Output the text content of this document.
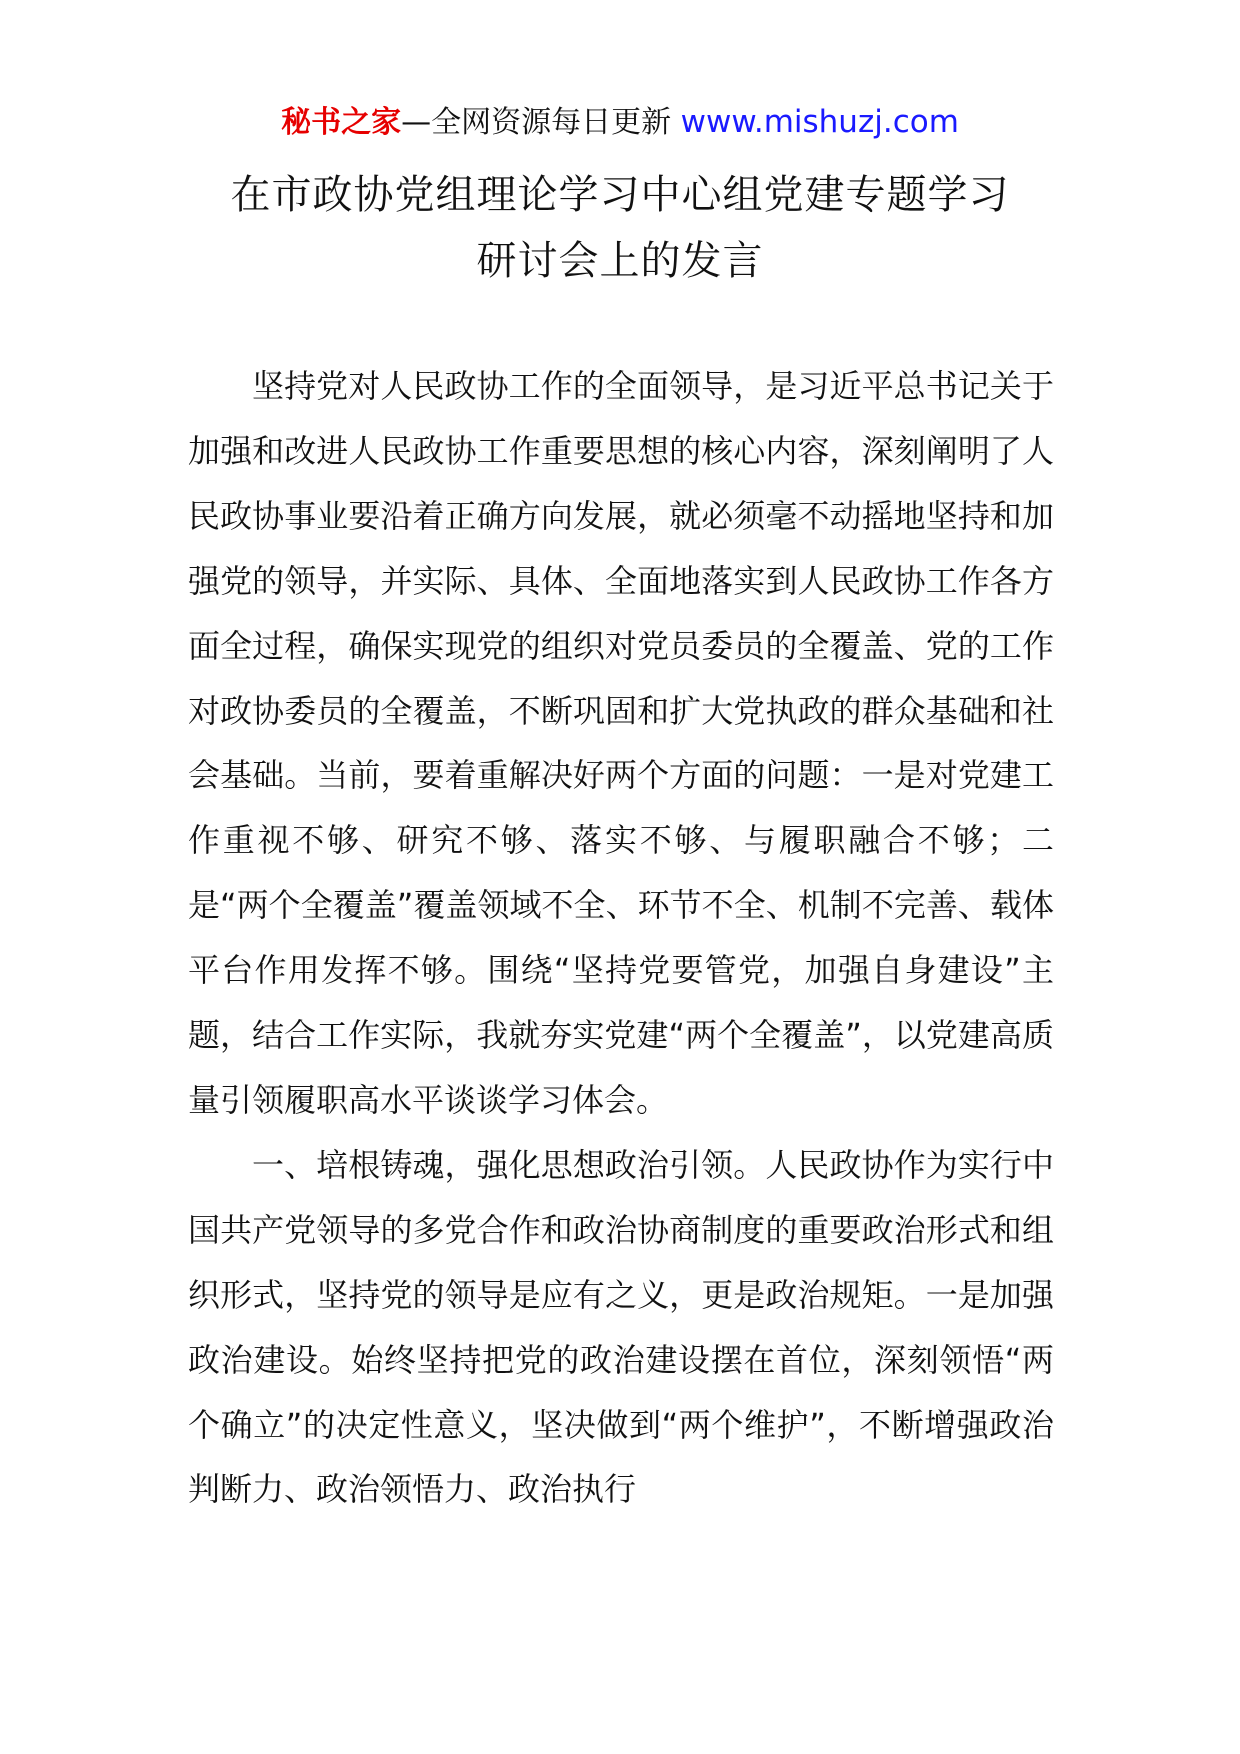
秘书之家—全网资源每日更新 www.mishuzj.com
在市政协党组理论学习中心组党建专题学习
研讨会上的发言

坚持党对人民政协工作的全面领导，是习近平总书记关于加强和改进人民政协工作重要思想的核心内容，深刻阐明了人民政协事业要沿着正确方向发展，就必须毫不动摇地坚持和加强党的领导，并实际、具体、全面地落实到人民政协工作各方面全过程，确保实现党的组织对党员委员的全覆盖、党的工作对政协委员的全覆盖，不断巩固和扩大党执政的群众基础和社会基础。当前，要着重解决好两个方面的问题：一是对党建工作重视不够、研究不够、落实不够、与履职融合不够；二是“两个全覆盖”覆盖领域不全、环节不全、机制不完善、载体平台作用发挥不够。围绕“坚持党要管党，加强自身建设”主题，结合工作实际，我就夯实党建“两个全覆盖”，以党建高质量引领履职高水平谈谈学习体会。

一、培根铸魂，强化思想政治引领。人民政协作为实行中国共产党领导的多党合作和政治协商制度的重要政治形式和组织形式，坚持党的领导是应有之义，更是政治规矩。一是加强政治建设。始终坚持把党的政治建设摆在首位，深刻领悟“两个确立”的决定性意义，坚决做到“两个维护”，不断增强政治判断力、政治领悟力、政治执行
